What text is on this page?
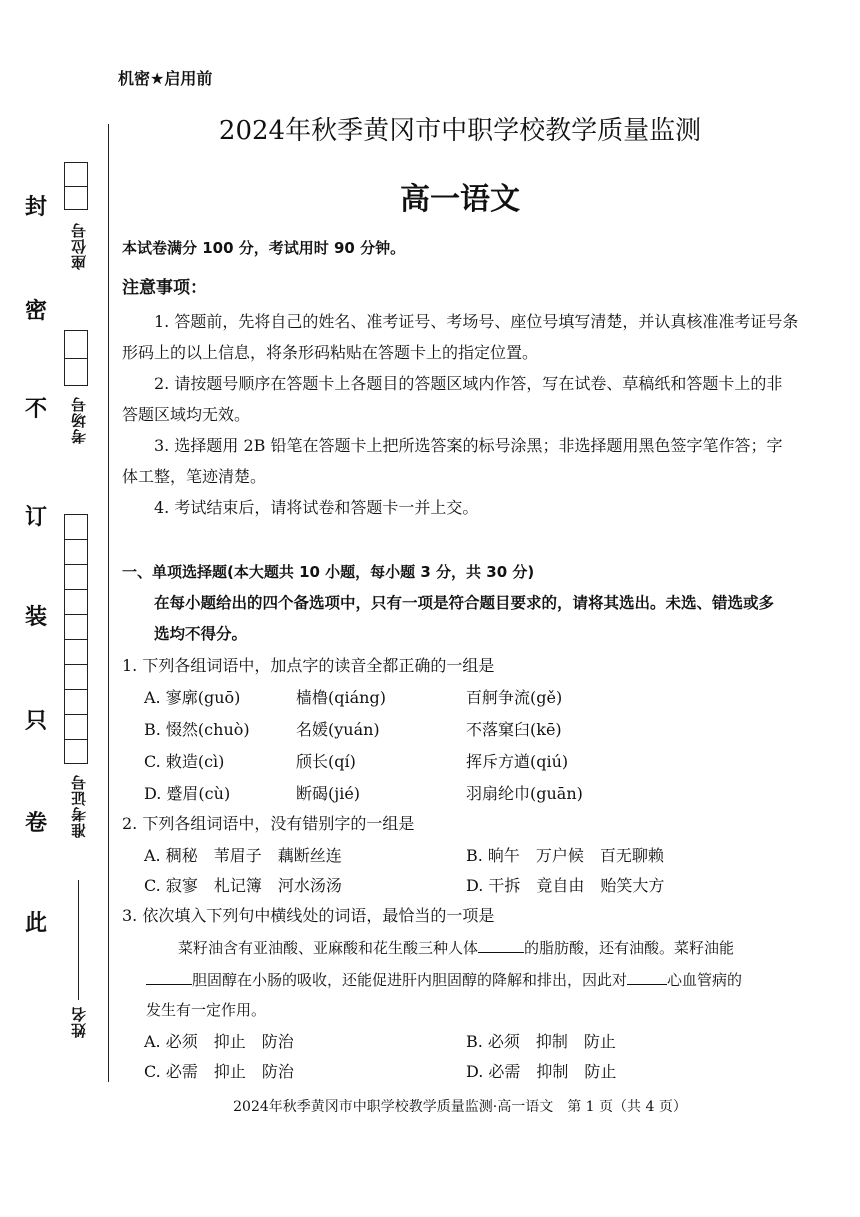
封
密
不
订
装
只
卷
此
座位号
考场号
准考证号
姓名
机密★启用前
2024年秋季黄冈市中职学校教学质量监测
高一语文
本试卷满分 100 分，考试用时 90 分钟。
注意事项：
1. 答题前，先将自己的姓名、准考证号、考场号、座位号填写清楚，并认真核准准考证号条
形码上的以上信息，将条形码粘贴在答题卡上的指定位置。
2. 请按题号顺序在答题卡上各题目的答题区域内作答，写在试卷、草稿纸和答题卡上的非
答题区域均无效。
3. 选择题用 2B 铅笔在答题卡上把所选答案的标号涂黑；非选择题用黑色签字笔作答；字
体工整，笔迹清楚。
4. 考试结束后，请将试卷和答题卡一并上交。
一、单项选择题(本大题共 10 小题，每小题 3 分，共 30 分)
在每小题给出的四个备选项中，只有一项是符合题目要求的，请将其选出。未选、错选或多
选均不得分。
1. 下列各组词语中，加点字的读音全都正确的一组是
A. 寥廓(guō)	樯橹(qiáng)	百舸争流(gě)
B. 惙然(chuò)	名媛(yuán)	不落窠臼(kē)
C. 敕造(cì)	颀长(qí)	挥斥方遒(qiú)
D. 蹙眉(cù)	断碣(jié)	羽扇纶巾(guān)
2. 下列各组词语中，没有错别字的一组是
A. 稠秘　苇眉子　藕断丝连	B. 晌午　万户候　百无聊赖
C. 寂寥　札记簿　河水汤汤	D. 干拆　竟自由　贻笑大方
3. 依次填入下列句中横线处的词语，最恰当的一项是
菜籽油含有亚油酸、亚麻酸和花生酸三种人体	的脂肪酸，还有油酸。菜籽油能
胆固醇在小肠的吸收，还能促进肝内胆固醇的降解和排出，因此对	心血管病的
发生有一定作用。
A. 必须　抑止　防治	B. 必须　抑制　防止
C. 必需　抑止　防治	D. 必需　抑制　防止
2024年秋季黄冈市中职学校教学质量监测·高一语文　第 1 页（共 4 页）
